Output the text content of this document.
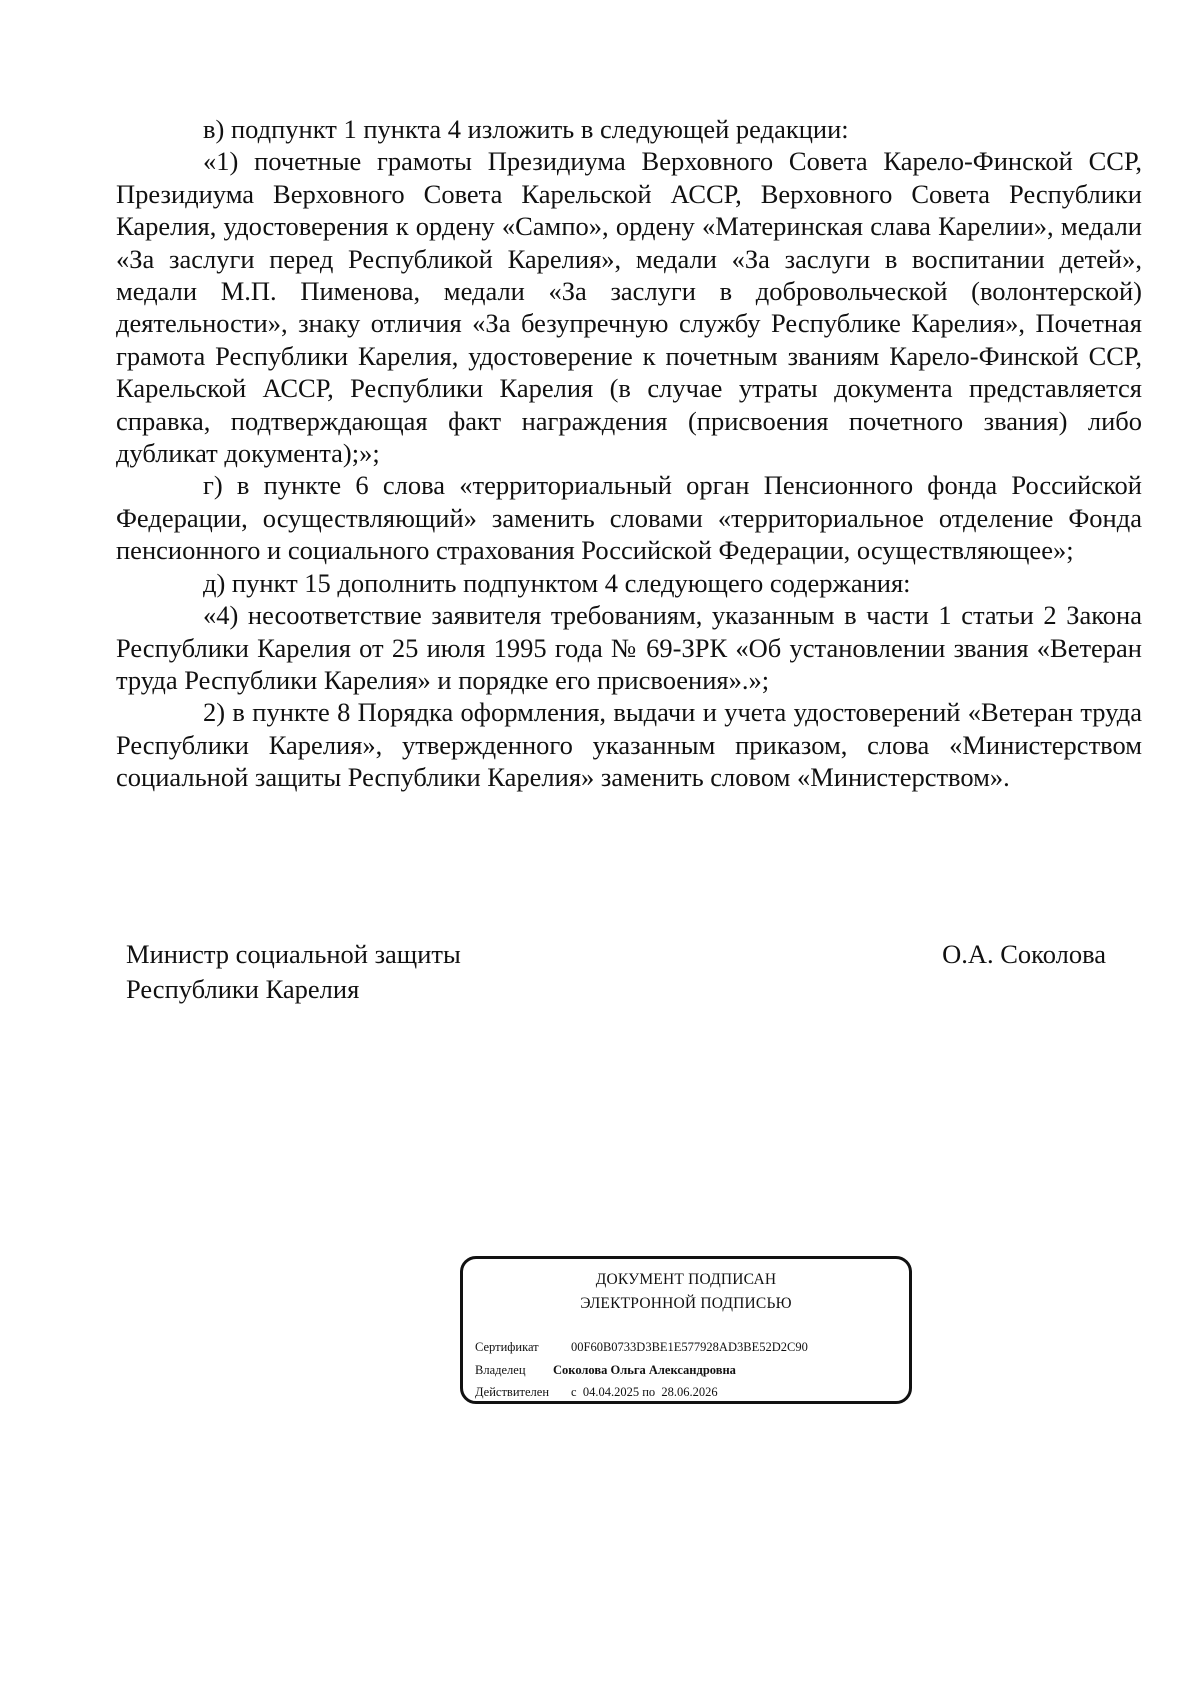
в) подпункт 1 пункта 4 изложить в следующей редакции:

«1) почетные грамоты Президиума Верховного Совета Карело-Финской ССР, Президиума Верховного Совета Карельской АССР, Верховного Совета Республики Карелия, удостоверения к ордену «Сампо», ордену «Материнская слава Карелии», медали «За заслуги перед Республикой Карелия», медали «За заслуги в воспитании детей», медали М.П. Пименова, медали «За заслуги в добровольческой (волонтерской) деятельности», знаку отличия «За безупречную службу Республике Карелия», Почетная грамота Республики Карелия, удостоверение к почетным званиям Карело-Финской ССР, Карельской АССР, Республики Карелия (в случае утраты документа представляется справка, подтверждающая факт награждения (присвоения почетного звания) либо дубликат документа);»;

г) в пункте 6 слова «территориальный орган Пенсионного фонда Российской Федерации, осуществляющий» заменить словами «территориальное отделение Фонда пенсионного и социального страхования Российской Федерации, осуществляющее»;

д) пункт 15 дополнить подпунктом 4 следующего содержания:

«4) несоответствие заявителя требованиям, указанным в части 1 статьи 2 Закона Республики Карелия от 25 июля 1995 года № 69-ЗРК «Об установлении звания «Ветеран труда Республики Карелия» и порядке его присвоения».»;

2) в пункте 8 Порядка оформления, выдачи и учета удостоверений «Ветеран труда Республики Карелия», утвержденного указанным приказом, слова «Министерством социальной защиты Республики Карелия» заменить словом «Министерством».

Министр социальной защиты
Республики Карелия
О.А. Соколова
ДОКУМЕНТ ПОДПИСАН
ЭЛЕКТРОННОЙ ПОДПИСЬЮ
Сертификат	00F60B0733D3BE1E577928AD3BE52D2C90
Владелец Соколова Ольга Александровна
Действителен с 04.04.2025 по 28.06.2026
